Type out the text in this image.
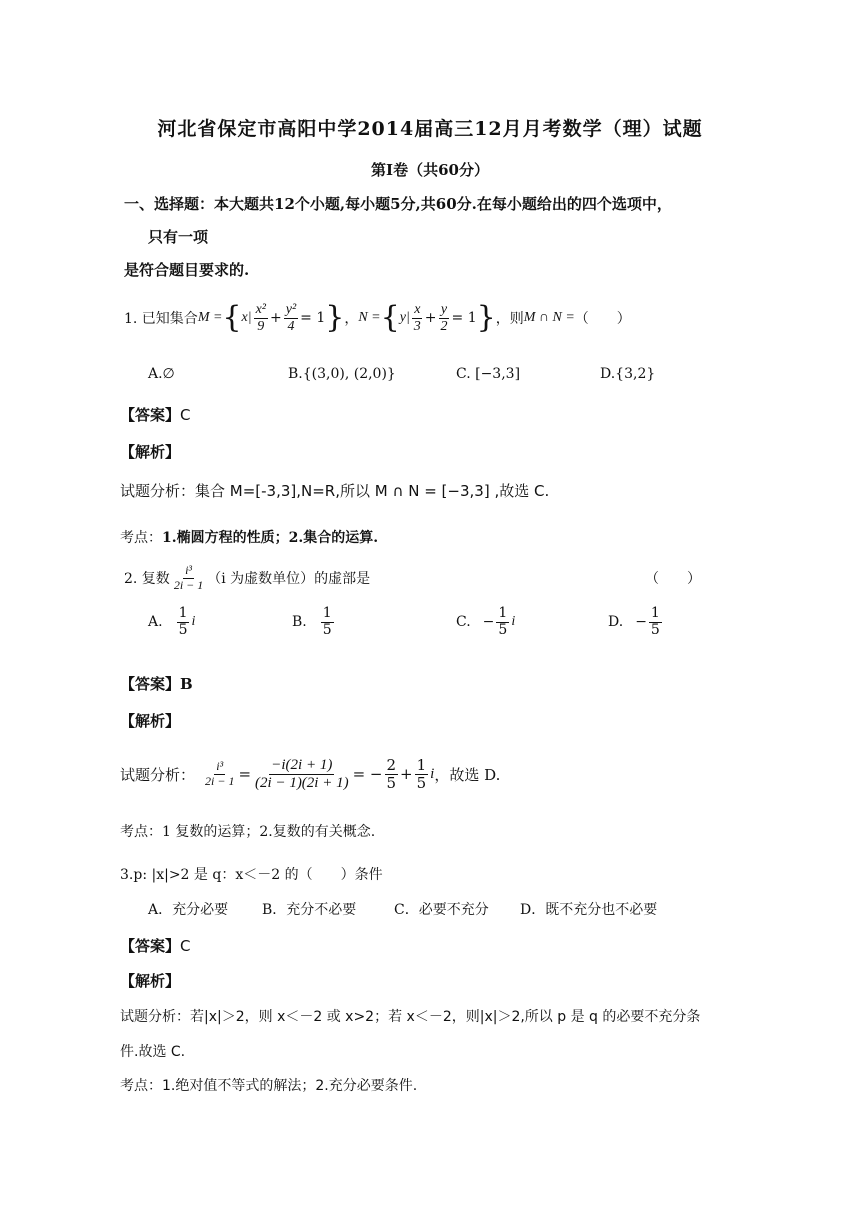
河北省保定市高阳中学2014届高三12月月考数学（理）试题
第Ⅰ卷（共60分）
一、选择题：本大题共12个小题,每小题5分,共60分.在每小题给出的四个选项中，
只有一项
是符合题目要求的.
1. 已知集合 M = { $x| \frac{\text{x²}}{9} + \frac{\text{y²}}{4} = 1$ } ， N = { $y| \frac{x}{3} + \frac{y}{2} = 1$ } ，则 M ∩ N = （　　）
A.∅	B.{(3,0), (2,0)}	C. [−3,3]	D.{3,2}
【答案】C
【解析】
试题分析：集合 M=[-3,3],N=R,所以 M ∩ N = [−3,3] ,故选 C.
考点：1.椭圆方程的性质；2.集合的运算.
2. 复数 $\frac{\text{i³}}{2i - 1} (i$ 为虚数单位）的虚部是	（　　）
A. $\frac{1}{5}$ i	B. $\frac{1}{5}$	C. − $\frac{1}{5}$ i	D. − $\frac{1}{5}$
【答案】B
【解析】
试题分析： $\frac{\text{i³}}{2i - 1} = \frac{-i(2i + 1)}{(2i - 1)(2i + 1)}$ = − $\frac{2}{5} + \frac{1}{5}$ i ，故选 D.
考点：1 复数的运算；2.复数的有关概念.
3.p: |x|>2 是 q：x＜－2 的（　　）条件
A．充分必要 B．充分不必要	C．必要不充分 D．既不充分也不必要
【答案】C
【解析】
试题分析：若|x|＞2，则 x＜－2 或 x>2；若 x＜－2，则|x|＞2,所以 p 是 q 的必要不充分条
件.故选 C.
考点：1.绝对值不等式的解法；2.充分必要条件.
